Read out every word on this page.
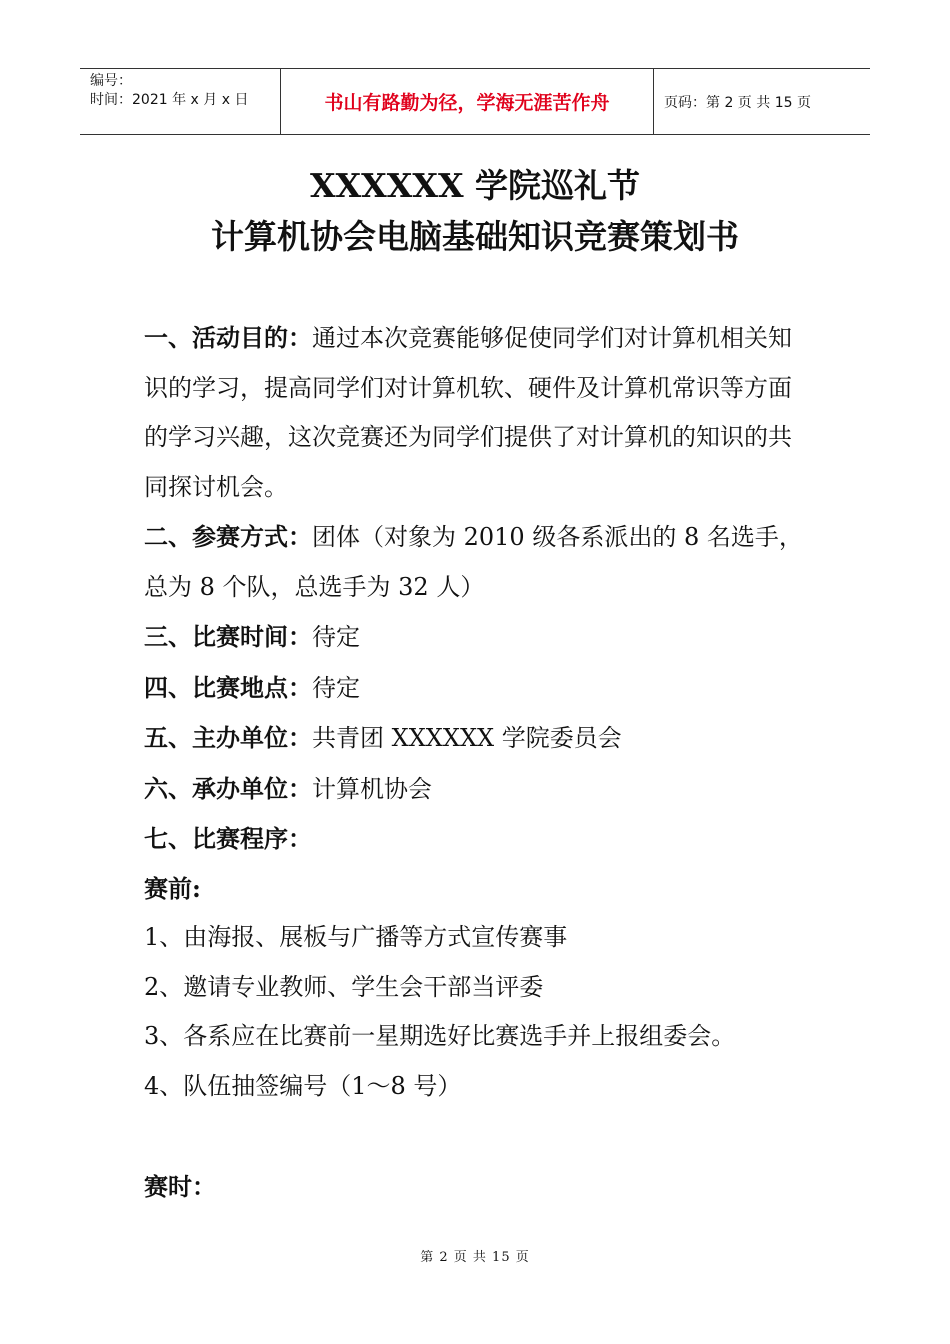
编号：
时间：2021 年 x 月 x 日	书山有路勤为径，学海无涯苦作舟	页码：第 2 页 共 15 页
XXXXXX 学院巡礼节
计算机协会电脑基础知识竞赛策划书

一、活动目的：通过本次竞赛能够促使同学们对计算机相关知识的学习，提高同学们对计算机软、硬件及计算机常识等方面的学习兴趣，这次竞赛还为同学们提供了对计算机的知识的共同探讨机会。

二、参赛方式：团体（对象为 2010 级各系派出的 8 名选手，总为 8 个队，总选手为 32 人）

三、比赛时间：待定

四、比赛地点：待定

五、主办单位：共青团 XXXXXX 学院委员会

六、承办单位：计算机协会

七、比赛程序：

赛前:

1、由海报、展板与广播等方式宣传赛事

2、邀请专业教师、学生会干部当评委

3、各系应在比赛前一星期选好比赛选手并上报组委会。

4、队伍抽签编号（1～8 号）

赛时：

第 2 页 共 15 页
